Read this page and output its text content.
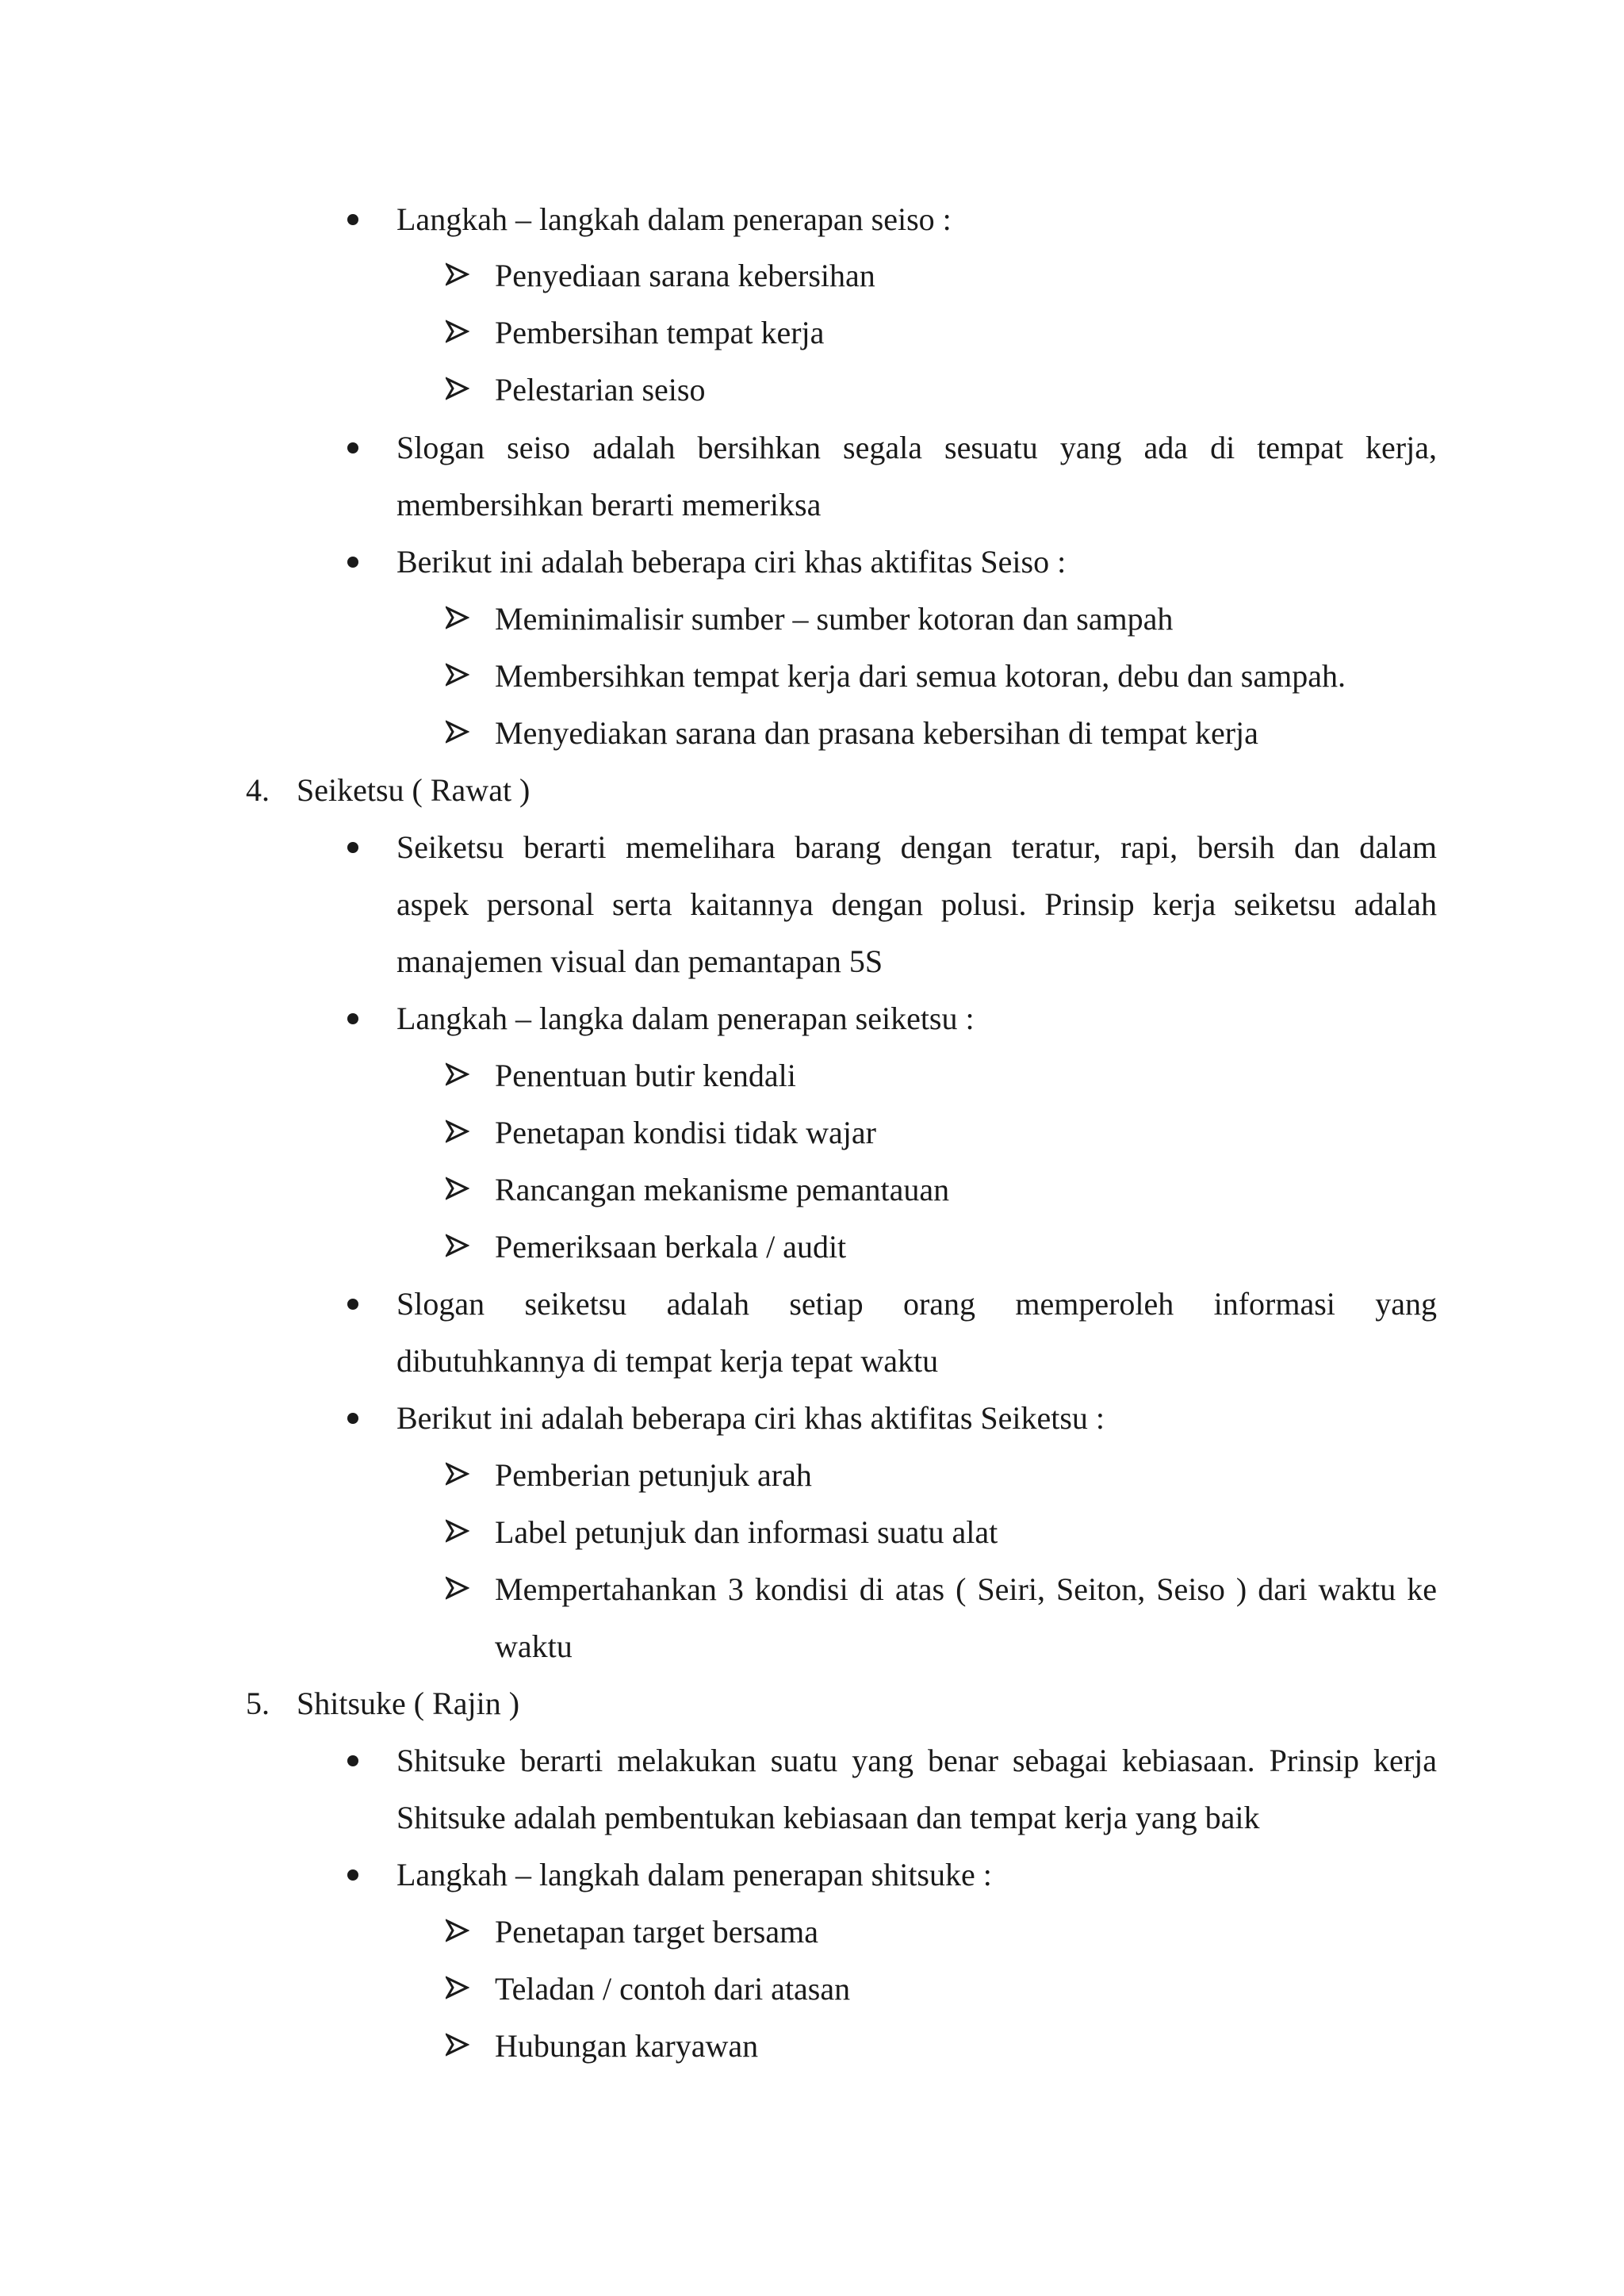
Langkah – langkah dalam penerapan seiso :
Penyediaan sarana kebersihan
Pembersihan tempat kerja
Pelestarian seiso
Slogan seiso adalah bersihkan segala sesuatu yang ada di tempat kerja,
membersihkan berarti memeriksa
Berikut ini adalah beberapa ciri khas aktifitas Seiso :
Meminimalisir sumber – sumber kotoran dan sampah
Membersihkan tempat kerja dari semua kotoran, debu dan sampah.
Menyediakan sarana dan prasana kebersihan di tempat kerja
4. Seiketsu ( Rawat )
Seiketsu berarti memelihara barang dengan teratur, rapi, bersih dan dalam
aspek personal serta kaitannya dengan polusi. Prinsip kerja seiketsu adalah
manajemen visual dan pemantapan 5S
Langkah – langka dalam penerapan seiketsu :
Penentuan butir kendali
Penetapan kondisi tidak wajar
Rancangan mekanisme pemantauan
Pemeriksaan berkala / audit
Slogan seiketsu adalah setiap orang memperoleh informasi yang
dibutuhkannya di tempat kerja tepat waktu
Berikut ini adalah beberapa ciri khas aktifitas Seiketsu :
Pemberian petunjuk arah
Label petunjuk dan informasi suatu alat
Mempertahankan 3 kondisi di atas ( Seiri, Seiton, Seiso ) dari waktu ke
waktu
5. Shitsuke ( Rajin )
Shitsuke berarti melakukan suatu yang benar sebagai kebiasaan. Prinsip kerja
Shitsuke adalah pembentukan kebiasaan dan tempat kerja yang baik
Langkah – langkah dalam penerapan shitsuke :
Penetapan target bersama
Teladan / contoh dari atasan
Hubungan karyawan
